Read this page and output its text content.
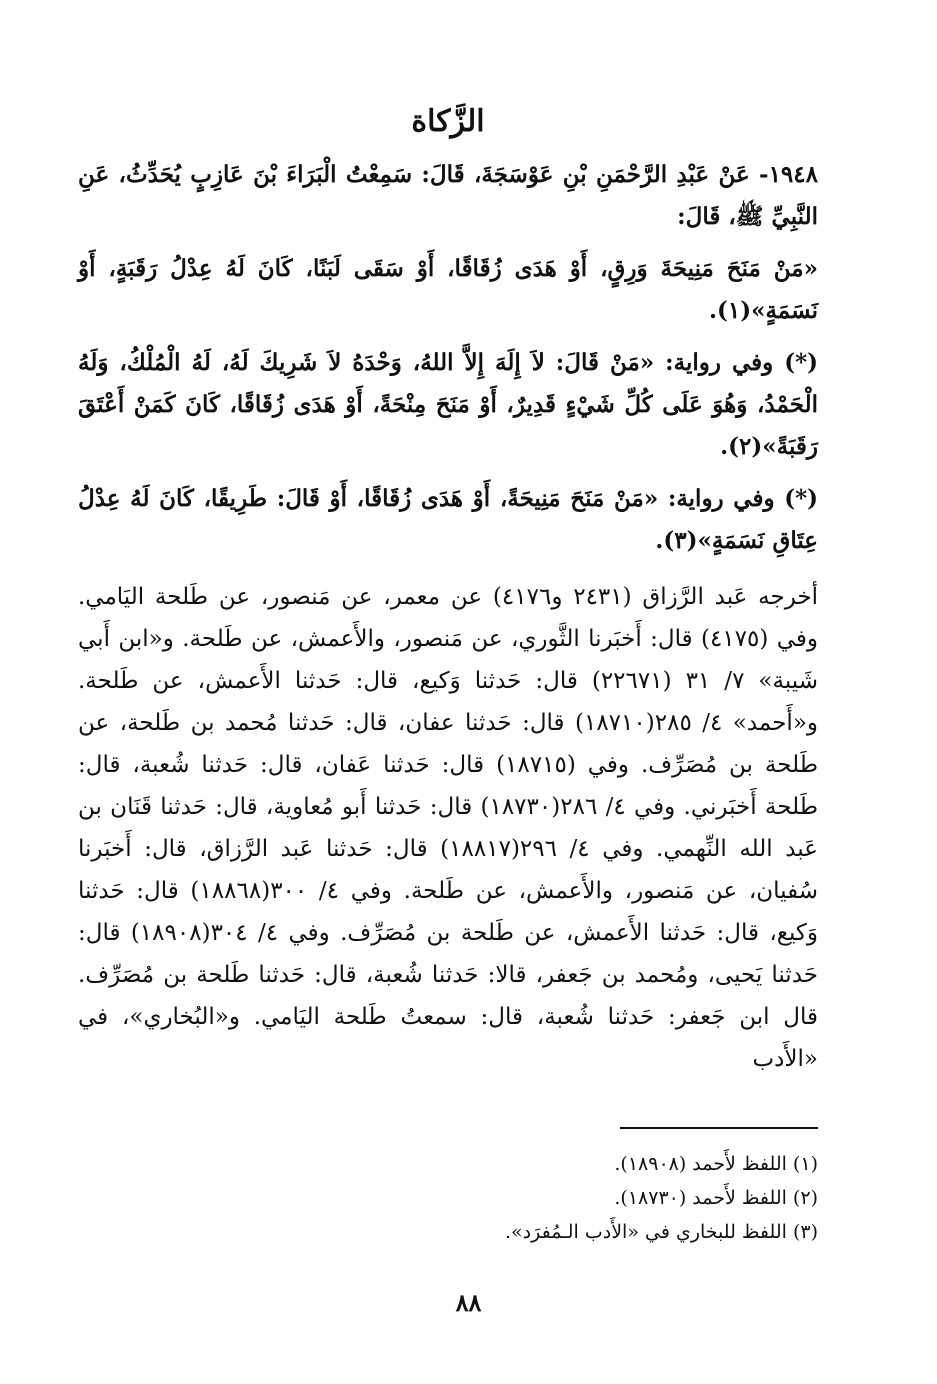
الزَّكاة

١٩٤٨- عَنْ عَبْدِ الرَّحْمَنِ بْنِ عَوْسَجَةَ، قَالَ: سَمِعْتُ الْبَرَاءَ بْنَ عَازِبٍ يُحَدِّثُ، عَنِ النَّبِيِّ ﷺ، قَالَ:

«مَنْ مَنَحَ مَنِيحَةَ وَرِقٍ، أَوْ هَدَى زُقَاقًا، أَوْ سَقَى لَبَنًا، كَانَ لَهُ عِدْلُ رَقَبَةٍ، أَوْ نَسَمَةٍ»(١).

(*) وفي رواية: «مَنْ قَالَ: لاَ إِلَهَ إِلاَّ اللهُ، وَحْدَهُ لاَ شَرِيكَ لَهُ، لَهُ الْمُلْكُ، وَلَهُ الْحَمْدُ، وَهُوَ عَلَى كُلِّ شَيْءٍ قَدِيرٌ، أَوْ مَنَحَ مِنْحَةً، أَوْ هَدَى زُقَاقًا، كَانَ كَمَنْ أَعْتَقَ رَقَبَةً»(٢).

(*) وفي رواية: «مَنْ مَنَحَ مَنِيحَةً، أَوْ هَدَى زُقَاقًا، أَوْ قَالَ: طَرِيقًا، كَانَ لَهُ عِدْلُ عِتَاقِ نَسَمَةٍ»(٣).

أخرجه عَبد الرَّزاق (٢٤٣١ و٤١٧٦) عن معمر، عن مَنصور، عن طَلحة اليَامي. وفي (٤١٧٥) قال: أَخبَرنا الثَّوري، عن مَنصور، والأَعمش، عن طَلحة. و«ابن أَبي شَيبة» ٧/ ٣١ (٢٢٦٧١) قال: حَدثنا وَكيع، قال: حَدثنا الأَعمش، عن طَلحة. و«أَحمد» ٤/ ٢٨٥(١٨٧١٠) قال: حَدثنا عفان، قال: حَدثنا مُحمد بن طَلحة، عن طَلحة بن مُصَرِّف. وفي (١٨٧١٥) قال: حَدثنا عَفان، قال: حَدثنا شُعبة، قال: طَلحة أَخبَرني. وفي ٤/ ٢٨٦(١٨٧٣٠) قال: حَدثنا أَبو مُعاوية، قال: حَدثنا قَنَان بن عَبد الله النِّهمي. وفي ٤/ ٢٩٦(١٨٨١٧) قال: حَدثنا عَبد الرَّزاق، قال: أَخبَرنا سُفيان، عن مَنصور، والأَعمش، عن طَلحة. وفي ٤/ ٣٠٠(١٨٨٦٨) قال: حَدثنا وَكيع، قال: حَدثنا الأَعمش، عن طَلحة بن مُصَرِّف. وفي ٤/ ٣٠٤(١٨٩٠٨) قال: حَدثنا يَحيى، ومُحمد بن جَعفر، قالا: حَدثنا شُعبة، قال: حَدثنا طَلحة بن مُصَرِّف. قال ابن جَعفر: حَدثنا شُعبة، قال: سمعتُ طَلحة اليَامي. و«البُخاري»، في «الأَدب

(١) اللفظ لأَحمد (١٨٩٠٨).

(٢) اللفظ لأَحمد (١٨٧٣٠).

(٣) اللفظ للبخاري في «الأَدب الـمُفرَد».

٨٨
